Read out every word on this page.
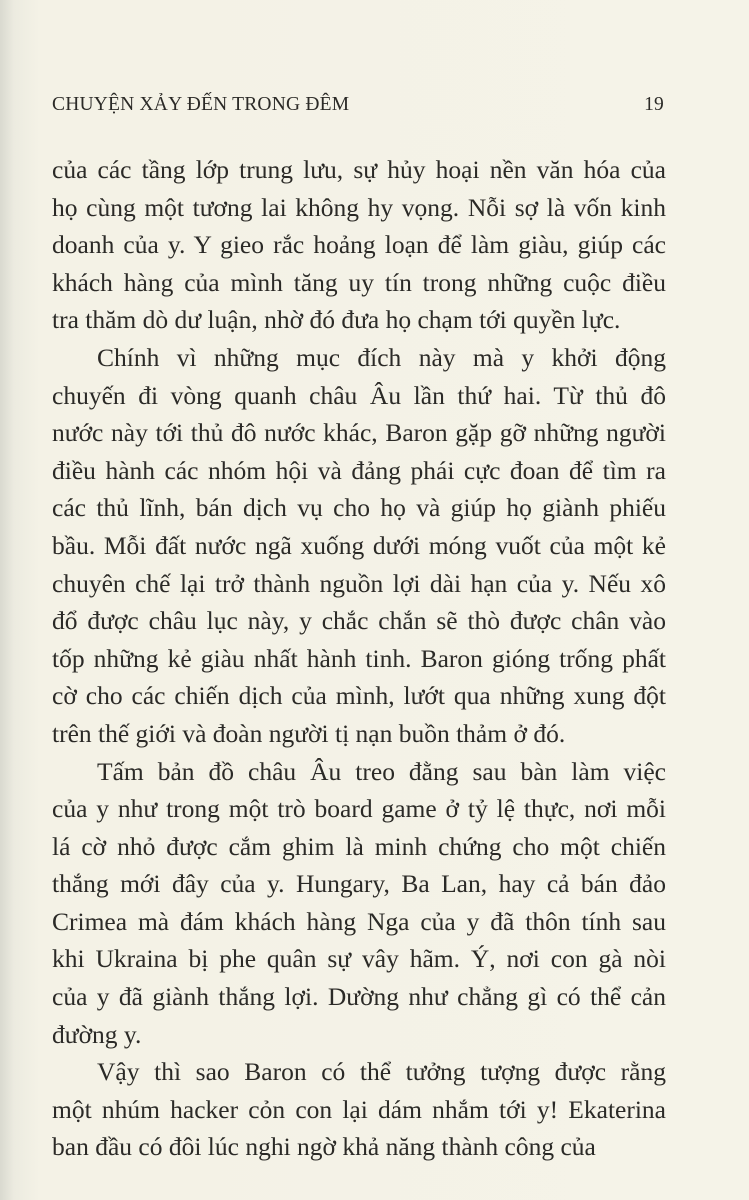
CHUYỆN XẢY ĐẾN TRONG ĐÊM	19
của các tầng lớp trung lưu, sự hủy hoại nền văn hóa của
họ cùng một tương lai không hy vọng. Nỗi sợ là vốn kinh
doanh của y. Y gieo rắc hoảng loạn để làm giàu, giúp các
khách hàng của mình tăng uy tín trong những cuộc điều
tra thăm dò dư luận, nhờ đó đưa họ chạm tới quyền lực.
Chính vì những mục đích này mà y khởi động
chuyến đi vòng quanh châu Âu lần thứ hai. Từ thủ đô
nước này tới thủ đô nước khác, Baron gặp gỡ những người
điều hành các nhóm hội và đảng phái cực đoan để tìm ra
các thủ lĩnh, bán dịch vụ cho họ và giúp họ giành phiếu
bầu. Mỗi đất nước ngã xuống dưới móng vuốt của một kẻ
chuyên chế lại trở thành nguồn lợi dài hạn của y. Nếu xô
đổ được châu lục này, y chắc chắn sẽ thò được chân vào
tốp những kẻ giàu nhất hành tinh. Baron gióng trống phất
cờ cho các chiến dịch của mình, lướt qua những xung đột
trên thế giới và đoàn người tị nạn buồn thảm ở đó.
Tấm bản đồ châu Âu treo đằng sau bàn làm việc
của y như trong một trò board game ở tỷ lệ thực, nơi mỗi
lá cờ nhỏ được cắm ghim là minh chứng cho một chiến
thắng mới đây của y. Hungary, Ba Lan, hay cả bán đảo
Crimea mà đám khách hàng Nga của y đã thôn tính sau
khi Ukraina bị phe quân sự vây hãm. Ý, nơi con gà nòi
của y đã giành thắng lợi. Dường như chẳng gì có thể cản
đường y.
Vậy thì sao Baron có thể tưởng tượng được rằng
một nhúm hacker cỏn con lại dám nhắm tới y! Ekaterina
ban đầu có đôi lúc nghi ngờ khả năng thành công của
